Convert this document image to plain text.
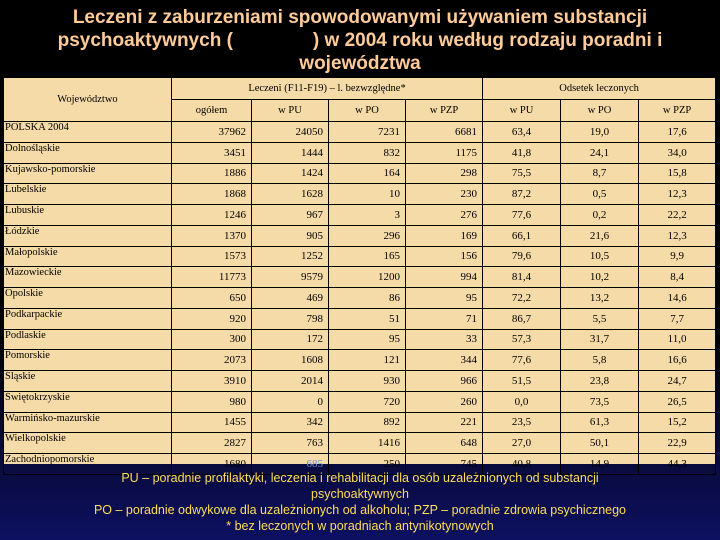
Leczeni z zaburzeniami spowodowanymi używaniem substancji
psychoaktywnych (	) w 2004 roku według rodzaju poradni i
województwa
Województwo	Leczeni (F11-F19) – l. bezwzględne*				Odsetek leczonych		
	ogółem	w PU	w PO	w PZP	w PU	w PO	w PZP
POLSKA 2004	37962	24050	7231	6681	63,4	19,0	17,6
Dolnośląskie	3451	1444	832	1175	41,8	24,1	34,0
Kujawsko-pomorskie	1886	1424	164	298	75,5	8,7	15,8
Lubelskie	1868	1628	10	230	87,2	0,5	12,3
Lubuskie	1246	967	3	276	77,6	0,2	22,2
Łódzkie	1370	905	296	169	66,1	21,6	12,3
Małopolskie	1573	1252	165	156	79,6	10,5	9,9
Mazowieckie	11773	9579	1200	994	81,4	10,2	8,4
Opolskie	650	469	86	95	72,2	13,2	14,6
Podkarpackie	920	798	51	71	86,7	5,5	7,7
Podlaskie	300	172	95	33	57,3	31,7	11,0
Pomorskie	2073	1608	121	344	77,6	5,8	16,6
Śląskie	3910	2014	930	966	51,5	23,8	24,7
Świętokrzyskie	980	0	720	260	0,0	73,5	26,5
Warmińsko-mazurskie	1455	342	892	221	23,5	61,3	15,2
Wielkopolskie	2827	763	1416	648	27,0	50,1	22,9
Zachodniopomorskie	1680	685	250	745	40,8	14,9	44,3
PU – poradnie profilaktyki, leczenia i rehabilitacji dla osób uzależnionych od substancji
psychoaktywnych
PO – poradnie odwykowe dla uzależnionych od alkoholu; PZP – poradnie zdrowia psychicznego
* bez leczonych w poradniach antynikotynowych
